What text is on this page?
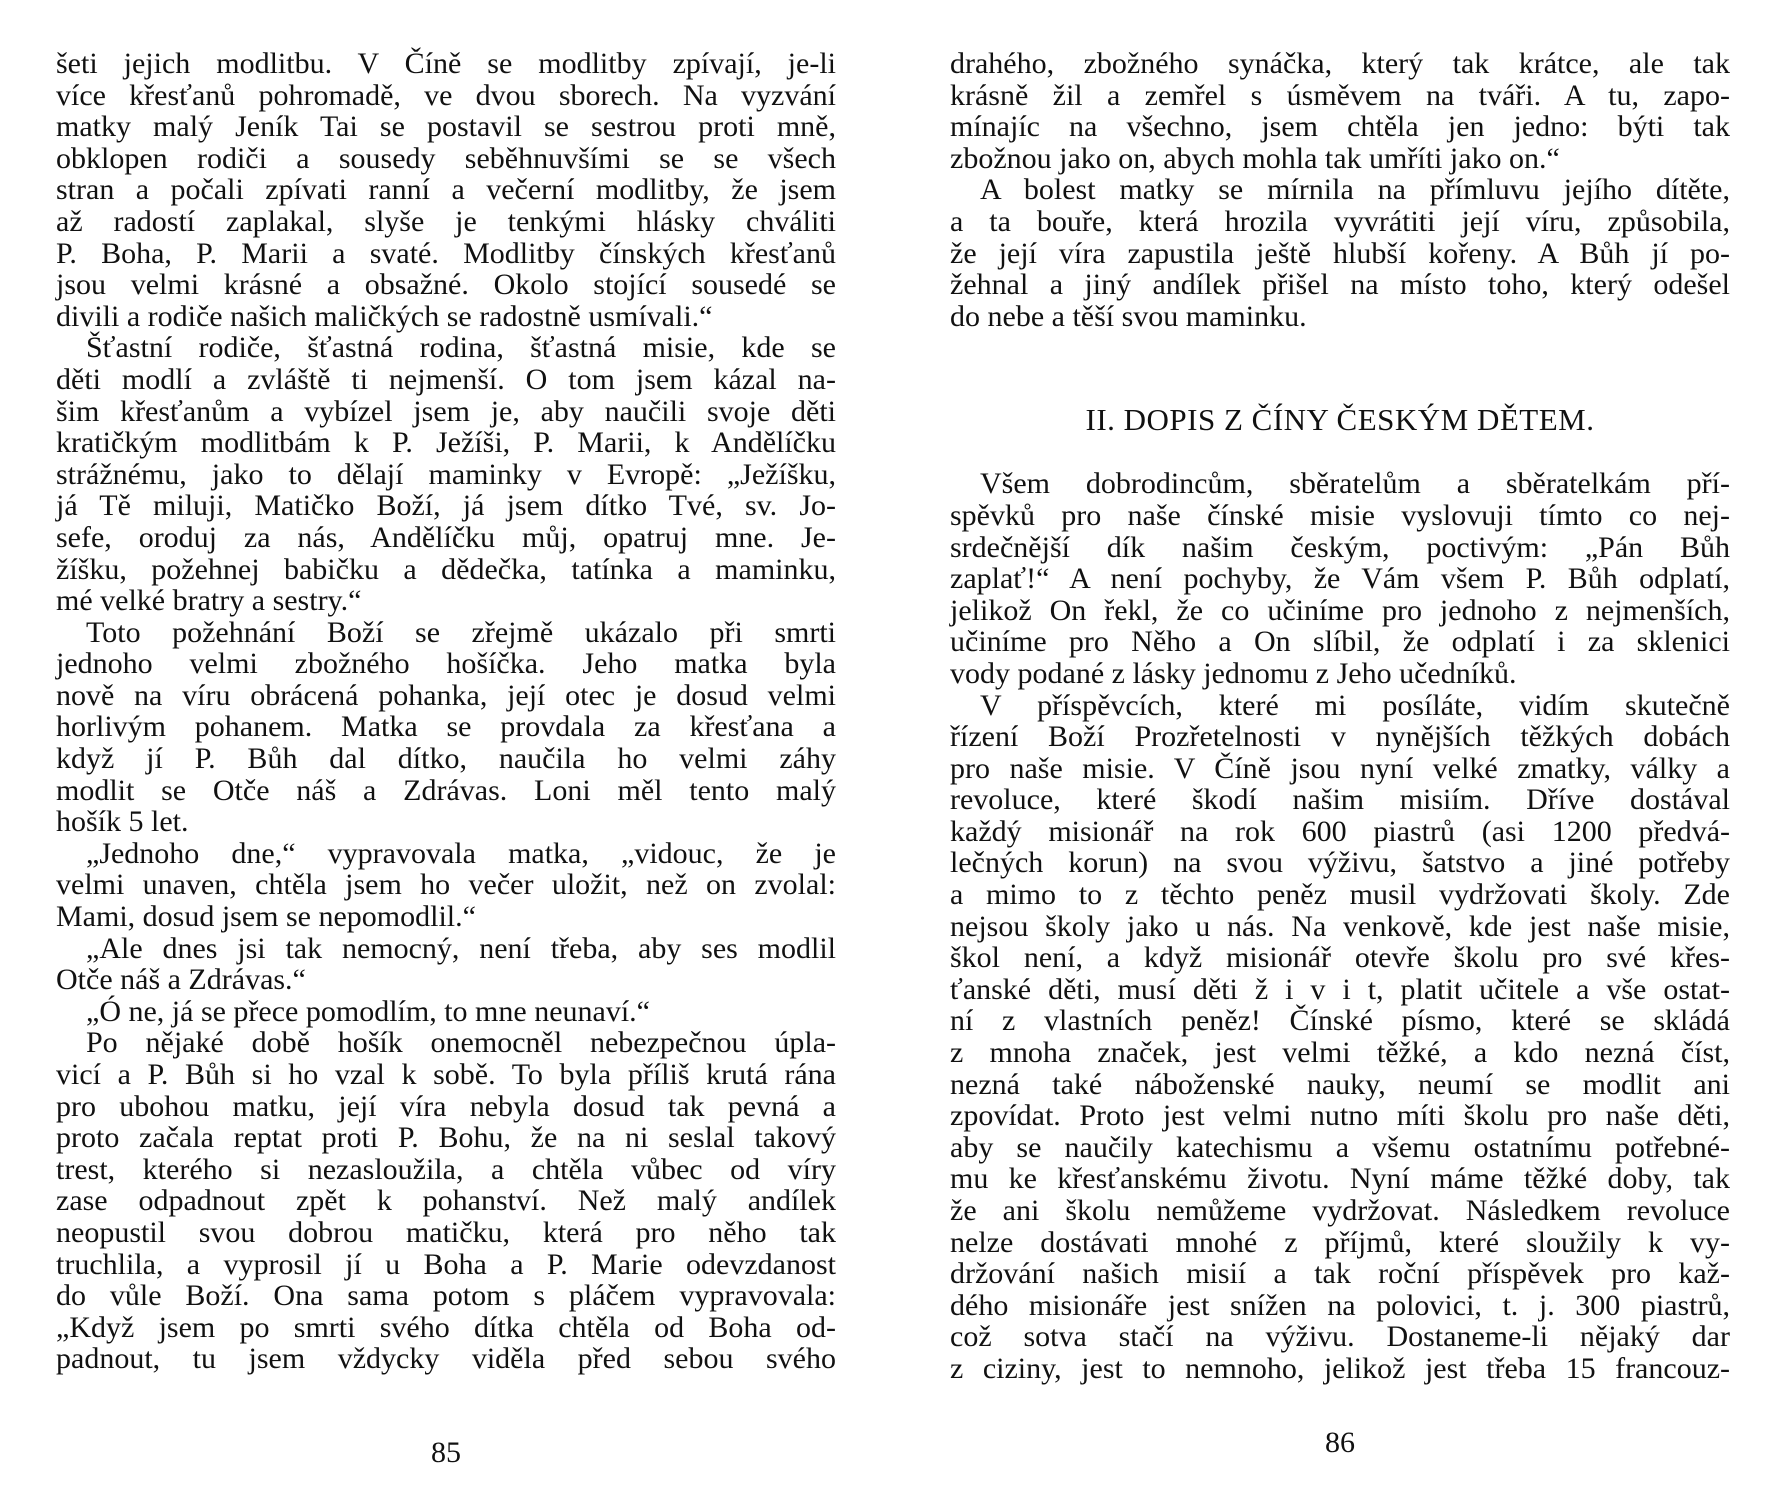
šeti jejich modlitbu. V Číně se modlitby zpívají, je-li
více křesťanů pohromadě, ve dvou sborech. Na vyzvání
matky malý Jeník Tai se postavil se sestrou proti mně,
obklopen rodiči a sousedy seběhnuvšími se se všech
stran a počali zpívati ranní a večerní modlitby, že jsem
až radostí zaplakal, slyše je tenkými hlásky chváliti
P. Boha, P. Marii a svaté. Modlitby čínských křesťanů
jsou velmi krásné a obsažné. Okolo stojící sousedé se
divili a rodiče našich maličkých se radostně usmívali.“
Šťastní rodiče, šťastná rodina, šťastná misie, kde se
děti modlí a zvláště ti nejmenší. O tom jsem kázal na-
šim křesťanům a vybízel jsem je, aby naučili svoje děti
kratičkým modlitbám k P. Ježíši, P. Marii, k Andělíčku
strážnému, jako to dělají maminky v Evropě: „Ježíšku,
já Tě miluji, Matičko Boží, já jsem dítko Tvé, sv. Jo-
sefe, oroduj za nás, Andělíčku můj, opatruj mne. Je-
žíšku, požehnej babičku a dědečka, tatínka a maminku,
mé velké bratry a sestry.“
Toto požehnání Boží se zřejmě ukázalo při smrti
jednoho velmi zbožného hošíčka. Jeho matka byla
nově na víru obrácená pohanka, její otec je dosud velmi
horlivým pohanem. Matka se provdala za křesťana a
když jí P. Bůh dal dítko, naučila ho velmi záhy
modlit se Otče náš a Zdrávas. Loni měl tento malý
hošík 5 let.
„Jednoho dne,“ vypravovala matka, „vidouc, že je
velmi unaven, chtěla jsem ho večer uložit, než on zvolal:
Mami, dosud jsem se nepomodlil.“
„Ale dnes jsi tak nemocný, není třeba, aby ses modlil
Otče náš a Zdrávas.“
„Ó ne, já se přece pomodlím, to mne neunaví.“
Po nějaké době hošík onemocněl nebezpečnou úpla-
vicí a P. Bůh si ho vzal k sobě. To byla příliš krutá rána
pro ubohou matku, její víra nebyla dosud tak pevná a
proto začala reptat proti P. Bohu, že na ni seslal takový
trest, kterého si nezasloužila, a chtěla vůbec od víry
zase odpadnout zpět k pohanství. Než malý andílek
neopustil svou dobrou matičku, která pro něho tak
truchlila, a vyprosil jí u Boha a P. Marie odevzdanost
do vůle Boží. Ona sama potom s pláčem vypravovala:
„Když jsem po smrti svého dítka chtěla od Boha od-
padnout, tu jsem vždycky viděla před sebou svého
85
drahého, zbožného synáčka, který tak krátce, ale tak
krásně žil a zemřel s úsměvem na tváři. A tu, zapo-
mínajíc na všechno, jsem chtěla jen jedno: býti tak
zbožnou jako on, abych mohla tak umříti jako on.“
A bolest matky se mírnila na přímluvu jejího dítěte,
a ta bouře, která hrozila vyvrátiti její víru, způsobila,
že její víra zapustila ještě hlubší kořeny. A Bůh jí po-
žehnal a jiný andílek přišel na místo toho, který odešel
do nebe a těší svou maminku.
II. DOPIS Z ČÍNY ČESKÝM DĚTEM.
Všem dobrodincům, sběratelům a sběratelkám pří-
spěvků pro naše čínské misie vyslovuji tímto co nej-
srdečnější dík našim českým, poctivým: „Pán Bůh
zaplať!“ A není pochyby, že Vám všem P. Bůh odplatí,
jelikož On řekl, že co učiníme pro jednoho z nejmenších,
učiníme pro Něho a On slíbil, že odplatí i za sklenici
vody podané z lásky jednomu z Jeho učedníků.
V příspěvcích, které mi posíláte, vidím skutečně
řízení Boží Prozřetelnosti v nynějších těžkých dobách
pro naše misie. V Číně jsou nyní velké zmatky, války a
revoluce, které škodí našim misiím. Dříve dostával
každý misionář na rok 600 piastrů (asi 1200 předvá-
lečných korun) na svou výživu, šatstvo a jiné potřeby
a mimo to z těchto peněz musil vydržovati školy. Zde
nejsou školy jako u nás. Na venkově, kde jest naše misie,
škol není, a když misionář otevře školu pro své křes-
ťanské děti, musí děti ž i v i t, platit učitele a vše ostat-
ní z vlastních peněz! Čínské písmo, které se skládá
z mnoha značek, jest velmi těžké, a kdo nezná číst,
nezná také náboženské nauky, neumí se modlit ani
zpovídat. Proto jest velmi nutno míti školu pro naše děti,
aby se naučily katechismu a všemu ostatnímu potřebné-
mu ke křesťanskému životu. Nyní máme těžké doby, tak
že ani školu nemůžeme vydržovat. Následkem revoluce
nelze dostávati mnohé z příjmů, které sloužily k vy-
držování našich misií a tak roční příspěvek pro kaž-
dého misionáře jest snížen na polovici, t. j. 300 piastrů,
což sotva stačí na výživu. Dostaneme-li nějaký dar
z ciziny, jest to nemnoho, jelikož jest třeba 15 francouz-
86
